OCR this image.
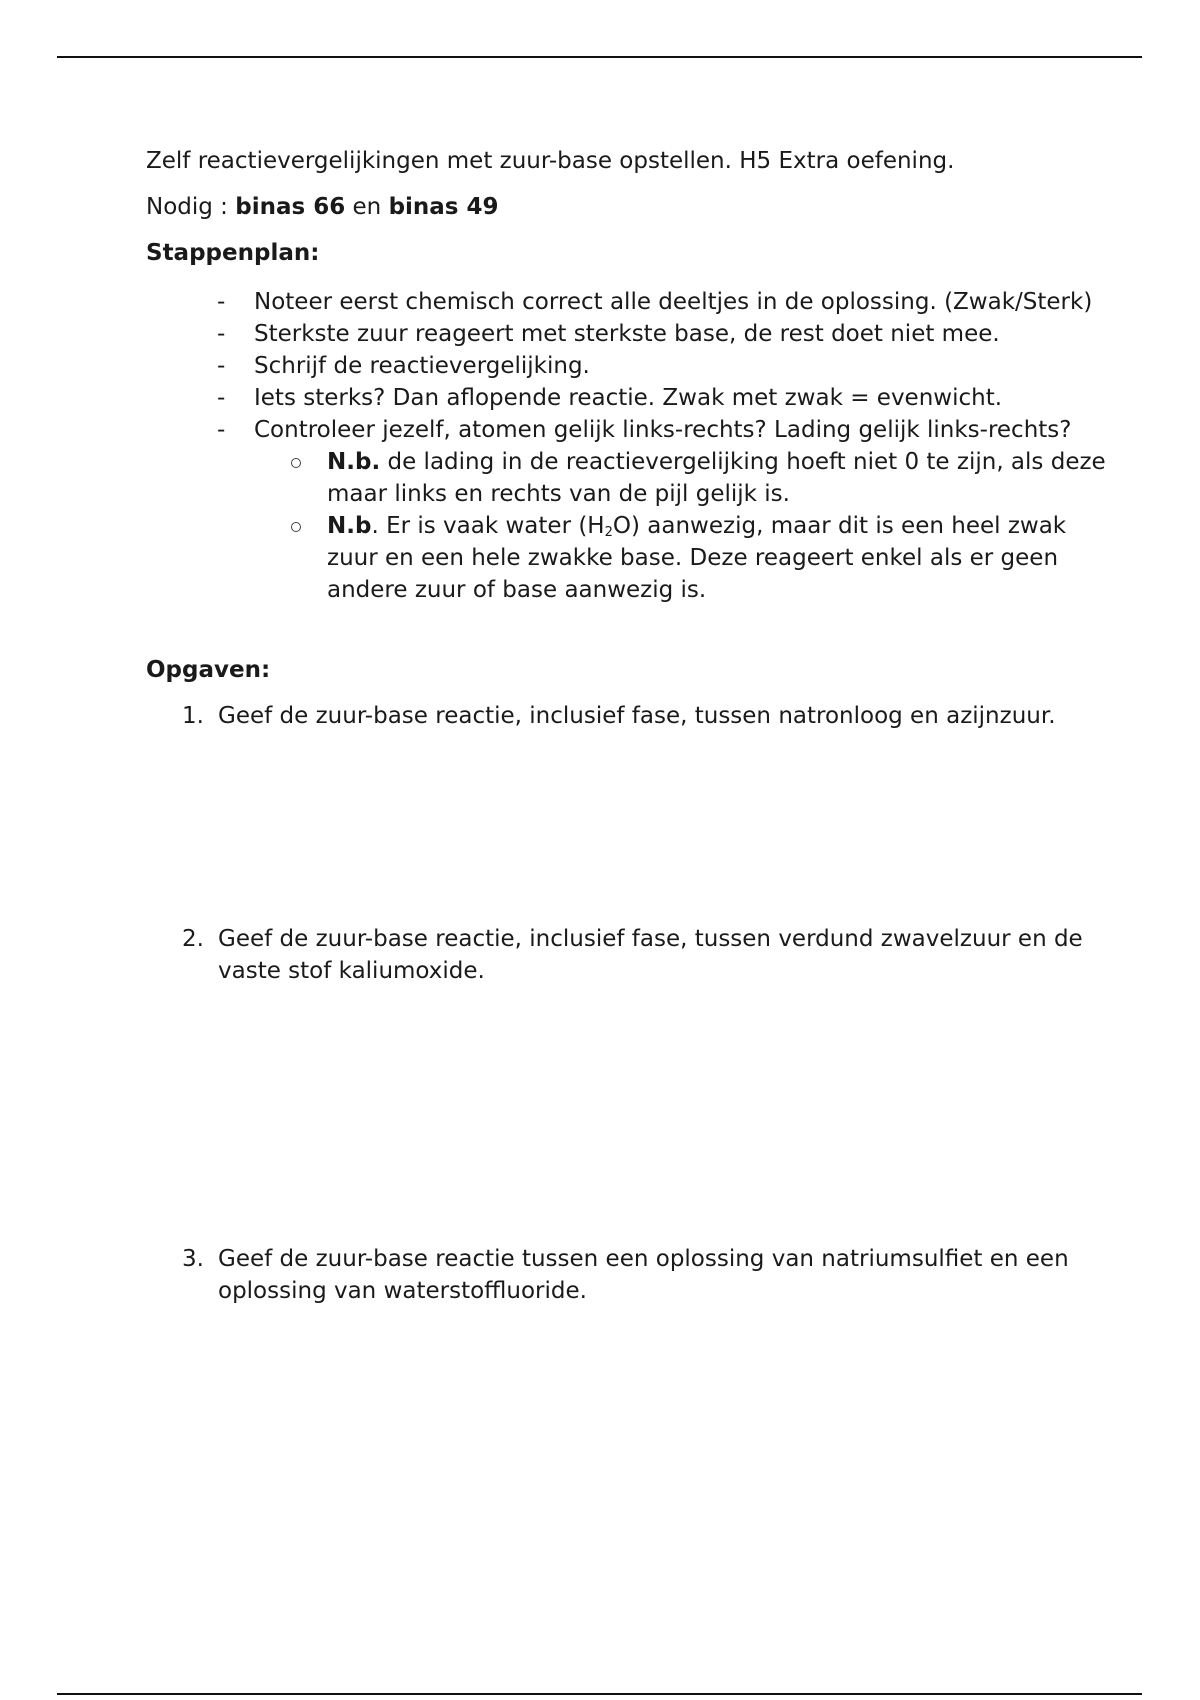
Zelf reactievergelijkingen met zuur-base opstellen. H5 Extra oefening.

Nodig : binas 66 en binas 49

Stappenplan:

- Noteer eerst chemisch correct alle deeltjes in de oplossing. (Zwak/Sterk)
- Sterkste zuur reageert met sterkste base, de rest doet niet mee.
- Schrijf de reactievergelijking.
- Iets sterks? Dan aflopende reactie. Zwak met zwak = evenwicht.
- Controleer jezelf, atomen gelijk links-rechts? Lading gelijk links-rechts?
N.b. de lading in de reactievergelijking hoeft niet 0 te zijn, als deze maar links en rechts van de pijl gelijk is.
N.b. Er is vaak water $(H_2O)$ aanwezig, maar dit is een heel zwak zuur en een hele zwakke base. Deze reageert enkel als er geen andere zuur of base aanwezig is.

Opgaven:

1. Geef de zuur-base reactie, inclusief fase, tussen natronloog en azijnzuur.
2. Geef de zuur-base reactie, inclusief fase, tussen verdund zwavelzuur en de vaste stof kaliumoxide.
3. Geef de zuur-base reactie tussen een oplossing van natriumsulfiet en een oplossing van waterstoffluoride.
